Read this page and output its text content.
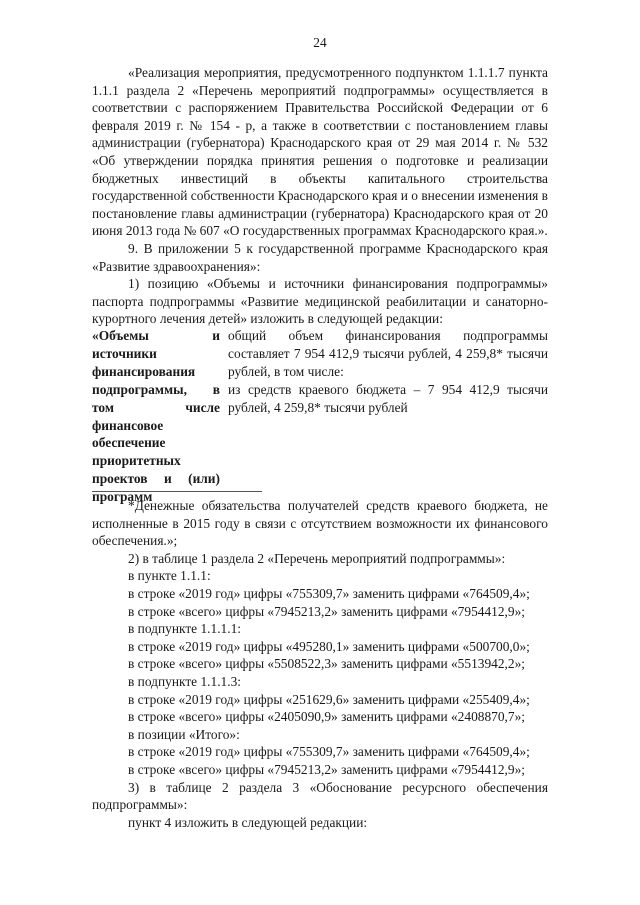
24

«Реализация мероприятия, предусмотренного подпунктом 1.1.1.7 пункта 1.1.1 раздела 2 «Перечень мероприятий подпрограммы» осуществляется в соответствии с распоряжением Правительства Российской Федерации от 6 февраля 2019 г. № 154 - р, а также в соответствии с постановлением главы администрации (губернатора) Краснодарского края от 29 мая 2014 г. № 532 «Об утверждении порядка принятия решения о подготовке и реализации бюджетных инвестиций в объекты капитального строительства государственной собственности Краснодарского края и о внесении изменения в постановление главы администрации (губернатора) Краснодарского края от 20 июня 2013 года № 607 «О государственных программах Краснодарского края.».

9. В приложении 5 к государственной программе Краснодарского края «Развитие здравоохранения»:

1) позицию «Объемы и источники финансирования подпрограммы» паспорта подпрограммы «Развитие медицинской реабилитации и санаторно-курортного лечения детей» изложить в следующей редакции:

«Объемы и источники финансирования подпрограммы, в том числе финансовое обеспечение приоритетных проектов и (или) программ

общий объем финансирования подпрограммы составляет 7 954 412,9 тысячи рублей, 4 259,8* тысячи рублей, в том числе:

из средств краевого бюджета – 7 954 412,9 тысячи рублей, 4 259,8* тысячи рублей

*Денежные обязательства получателей средств краевого бюджета, не исполненные в 2015 году в связи с отсутствием возможности их финансового обеспечения.»;

2) в таблице 1 раздела 2 «Перечень мероприятий подпрограммы»:

в пункте 1.1.1:

в строке «2019 год» цифры «755309,7» заменить цифрами «764509,4»;

в строке «всего» цифры «7945213,2» заменить цифрами «7954412,9»;

в подпункте 1.1.1.1:

в строке «2019 год» цифры «495280,1» заменить цифрами «500700,0»;

в строке «всего» цифры «5508522,3» заменить цифрами «5513942,2»;

в подпункте 1.1.1.3:

в строке «2019 год» цифры «251629,6» заменить цифрами «255409,4»;

в строке «всего» цифры «2405090,9» заменить цифрами «2408870,7»;

в позиции «Итого»:

в строке «2019 год» цифры «755309,7» заменить цифрами «764509,4»;

в строке «всего» цифры «7945213,2» заменить цифрами «7954412,9»;

3) в таблице 2 раздела 3 «Обоснование ресурсного обеспечения подпрограммы»:

пункт 4 изложить в следующей редакции:
